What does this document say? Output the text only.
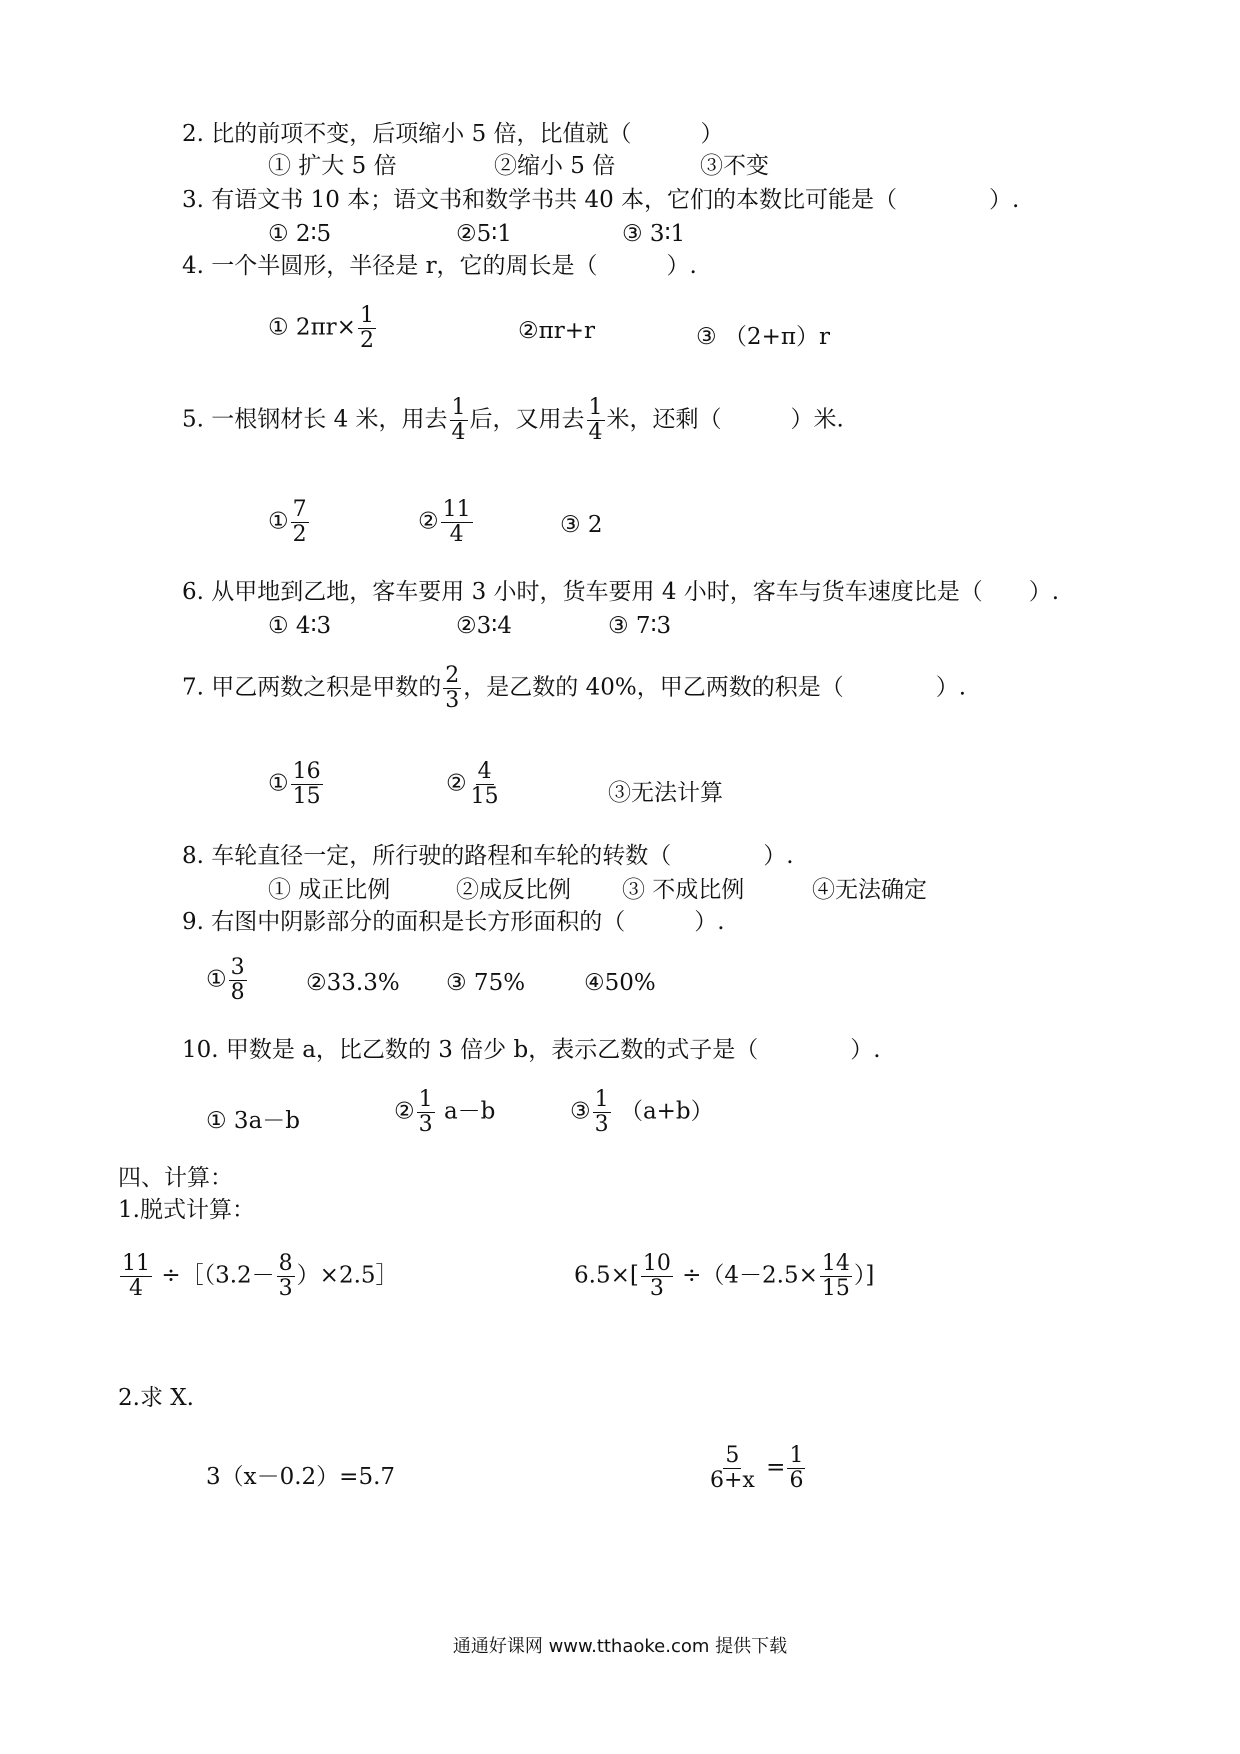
2. 比的前项不变，后项缩小 5 倍，比值就（　　　）
① 扩大 5 倍	②缩小 5 倍	③不变
3. 有语文书 10 本；语文书和数学书共 40 本，它们的本数比可能是（　　　　）.
① 2∶5	②5∶1	③ 3∶1
4. 一个半圆形，半径是 r，它的周长是（　　　）.
① $2\pi r\times \frac{1}{2}$	②πr+r	③ （2+π）r
5. 一根钢材长 4 米，用去 $\frac{1}{4}$ 后，又用去 $\frac{1}{4}$ 米，还剩（　　　）米.
① $\frac{7}{2}$	② $\frac{11}{4}$	③ 2
6. 从甲地到乙地，客车要用 3 小时，货车要用 4 小时，客车与货车速度比是（　　）.
① 4∶3	②3∶4	③ 7∶3
7. 甲乙两数之积是甲数的 $\frac{2}{3}$ ，是乙数的 40%，甲乙两数的积是（　　　　）.
① $\frac{16}{15}$	② $\frac{4}{15}$	③无法计算
8. 车轮直径一定，所行驶的路程和车轮的转数（　　　　）.
① 成正比例	②成反比例 ③ 不成比例	④无法确定
9. 右图中阴影部分的面积是长方形面积的（　　　）.
① $\frac{3}{8}$	②33.3% ③ 75%	④50%
10. 甲数是 a，比乙数的 3 倍少 b，表示乙数的式子是（　　　　）.
① 3a－b	② $\frac{1}{3} a-b$	③ $\frac{1}{3} (a+b)$
四、计算：
1.脱式计算：
$\frac{11}{4}$ ÷［（3.2－ $\frac{8}{3}$ ）×2.5］	$6.5\times[ \frac{10}{3} \div(4-2.5\times \frac{14}{15}$ ）]
2.求 X.
3（x－0.2）=5.7	$\frac{5}{6+x} = \frac{1}{6}$
通通好课网 www.tthaoke.com 提供下载
